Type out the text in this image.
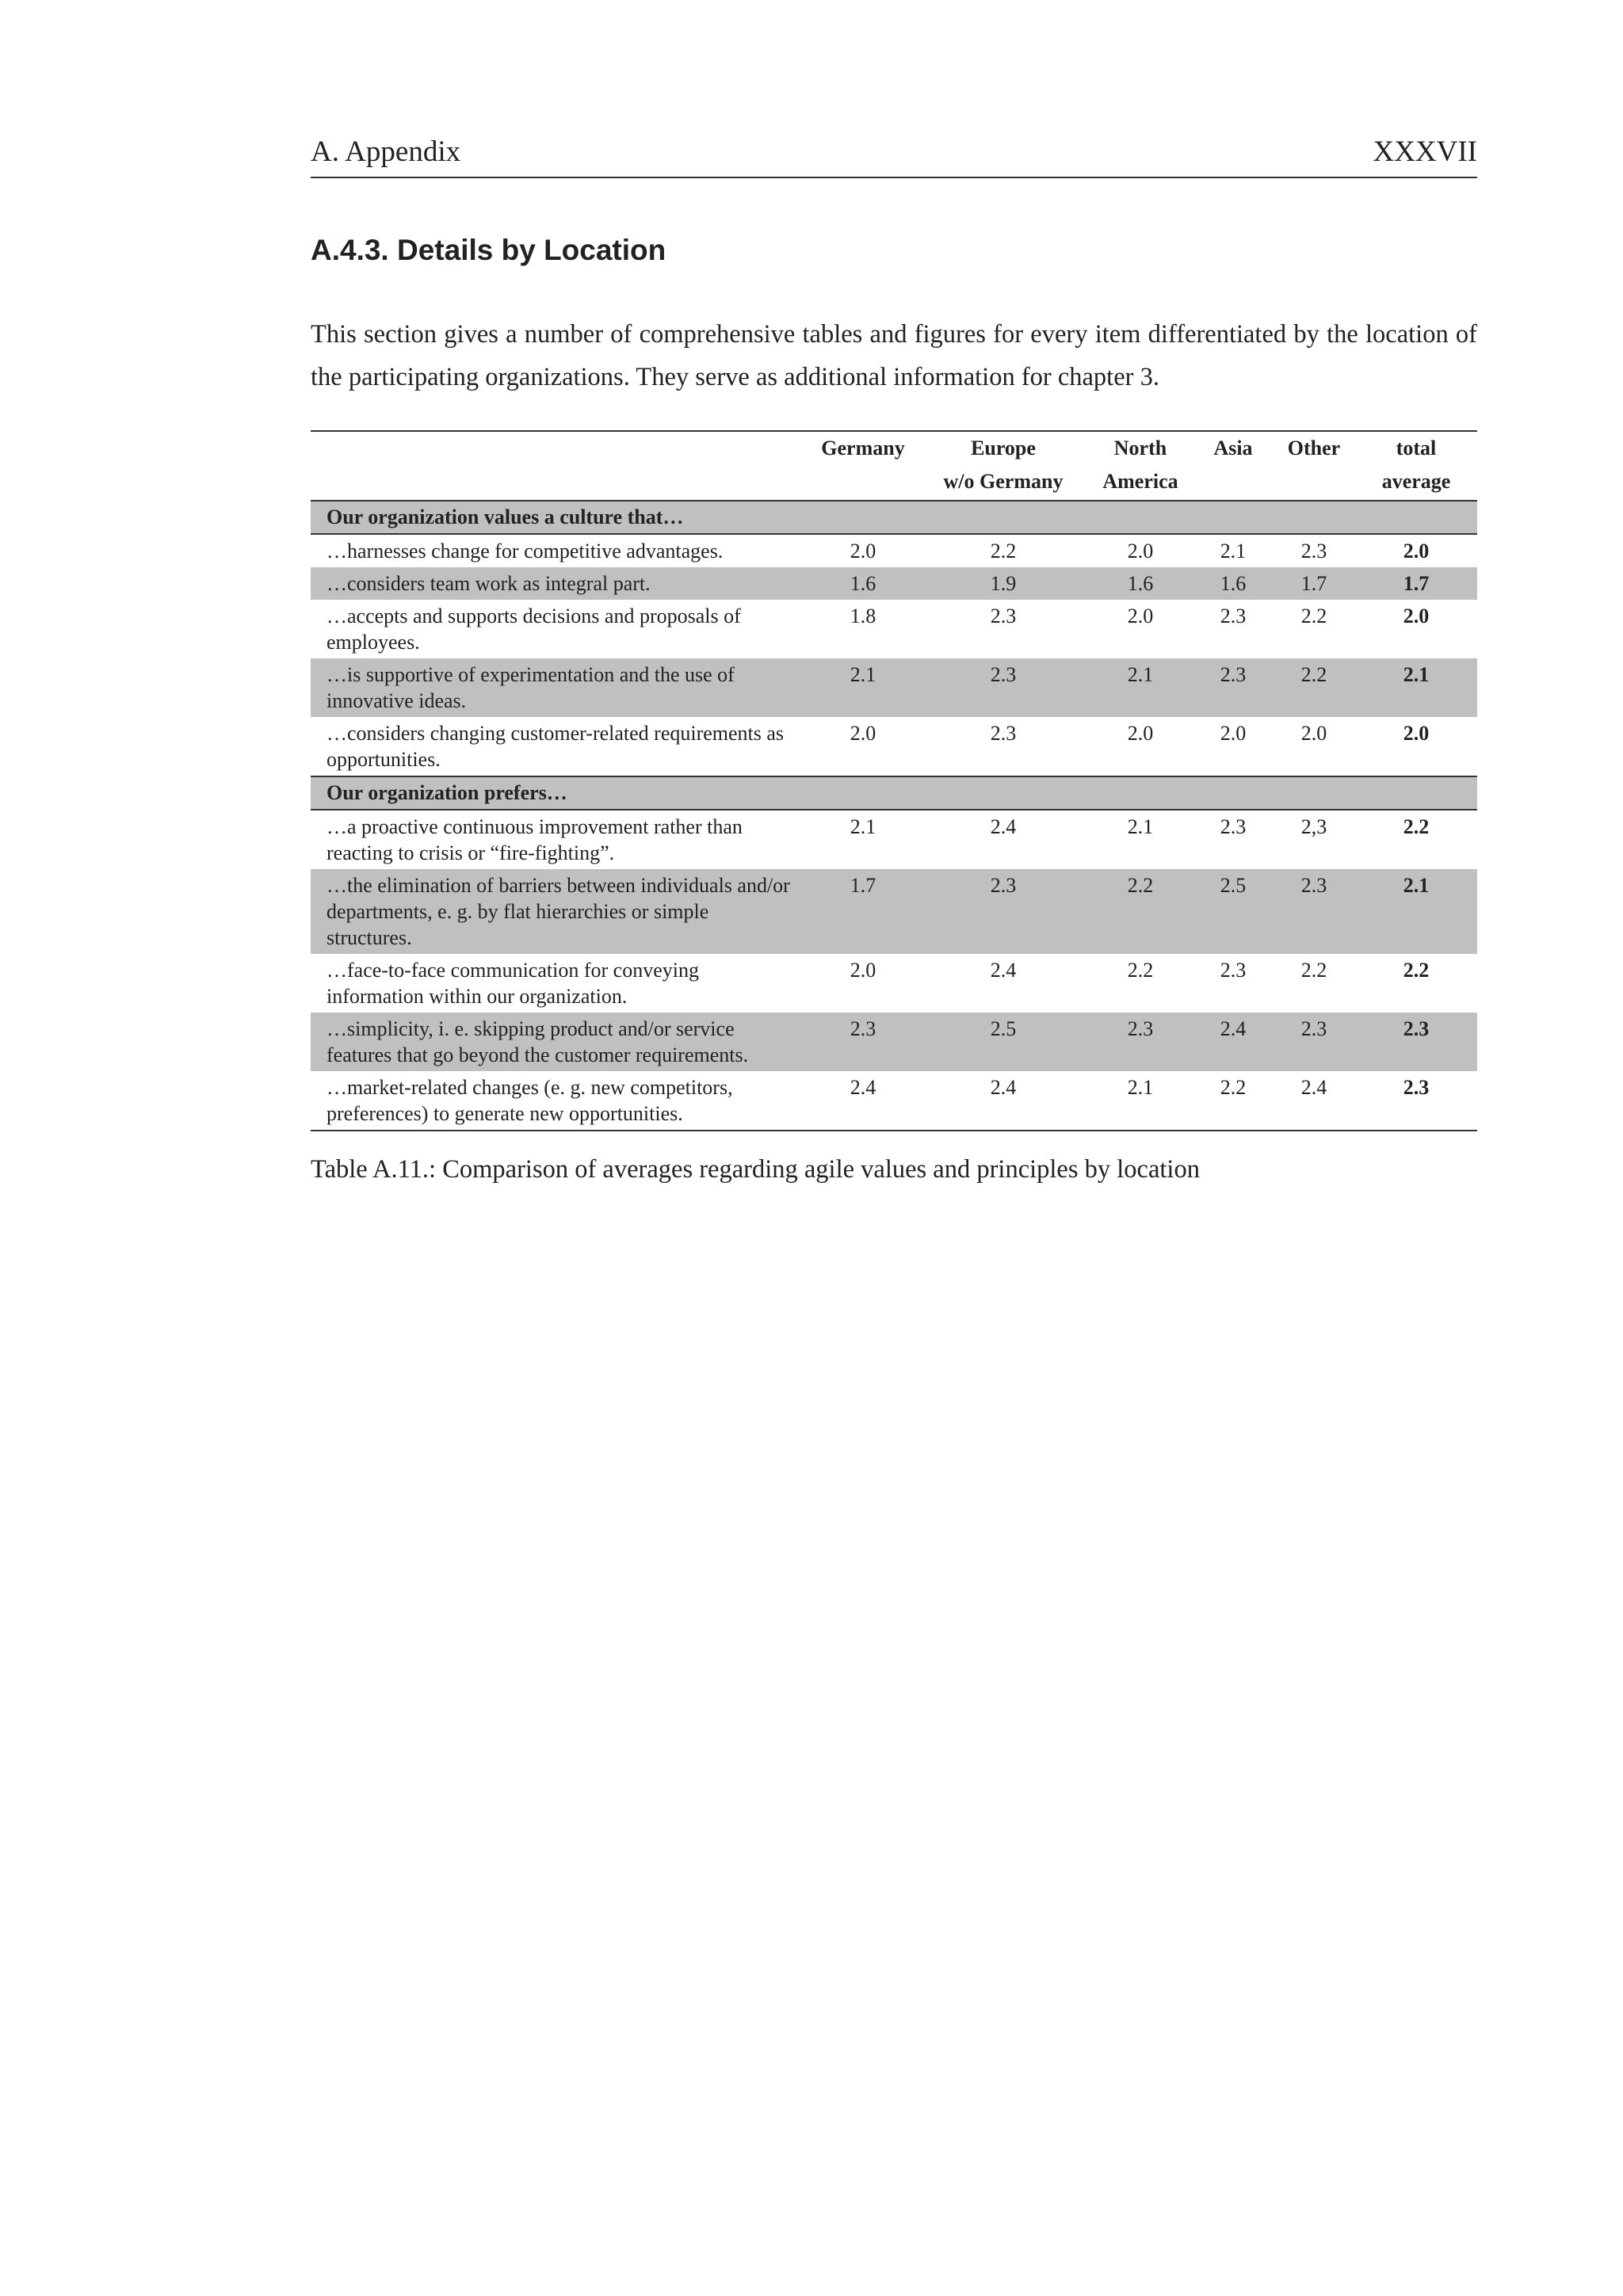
A. Appendix	XXXVII
A.4.3. Details by Location

This section gives a number of comprehensive tables and figures for every item differentiated by the location of the participating organizations. They serve as additional information for chapter 3.

	Germany	Europe	North	Asia	Other	total
		w/o Germany	America			average
Our organization values a culture that…						
…harnesses change for competitive advantages.	2.0	2.2	2.0	2.1	2.3	2.0
…considers team work as integral part.	1.6	1.9	1.6	1.6	1.7	1.7
…accepts and supports decisions and proposals of employees.	1.8	2.3	2.0	2.3	2.2	2.0
…is supportive of experimentation and the use of innovative ideas.	2.1	2.3	2.1	2.3	2.2	2.1
…considers changing customer-related requirements as opportunities.	2.0	2.3	2.0	2.0	2.0	2.0
Our organization prefers…						
…a proactive continuous improvement rather than reacting to crisis or “fire-fighting”.	2.1	2.4	2.1	2.3	2,3	2.2
…the elimination of barriers between individuals and/or departments, e. g. by flat hierarchies or simple structures.	1.7	2.3	2.2	2.5	2.3	2.1
…face-to-face communication for conveying information within our organization.	2.0	2.4	2.2	2.3	2.2	2.2
…simplicity, i. e. skipping product and/or service features that go beyond the customer requirements.	2.3	2.5	2.3	2.4	2.3	2.3
…market-related changes (e. g. new competitors, preferences) to generate new opportunities.	2.4	2.4	2.1	2.2	2.4	2.3
Table A.11.: Comparison of averages regarding agile values and principles by location
